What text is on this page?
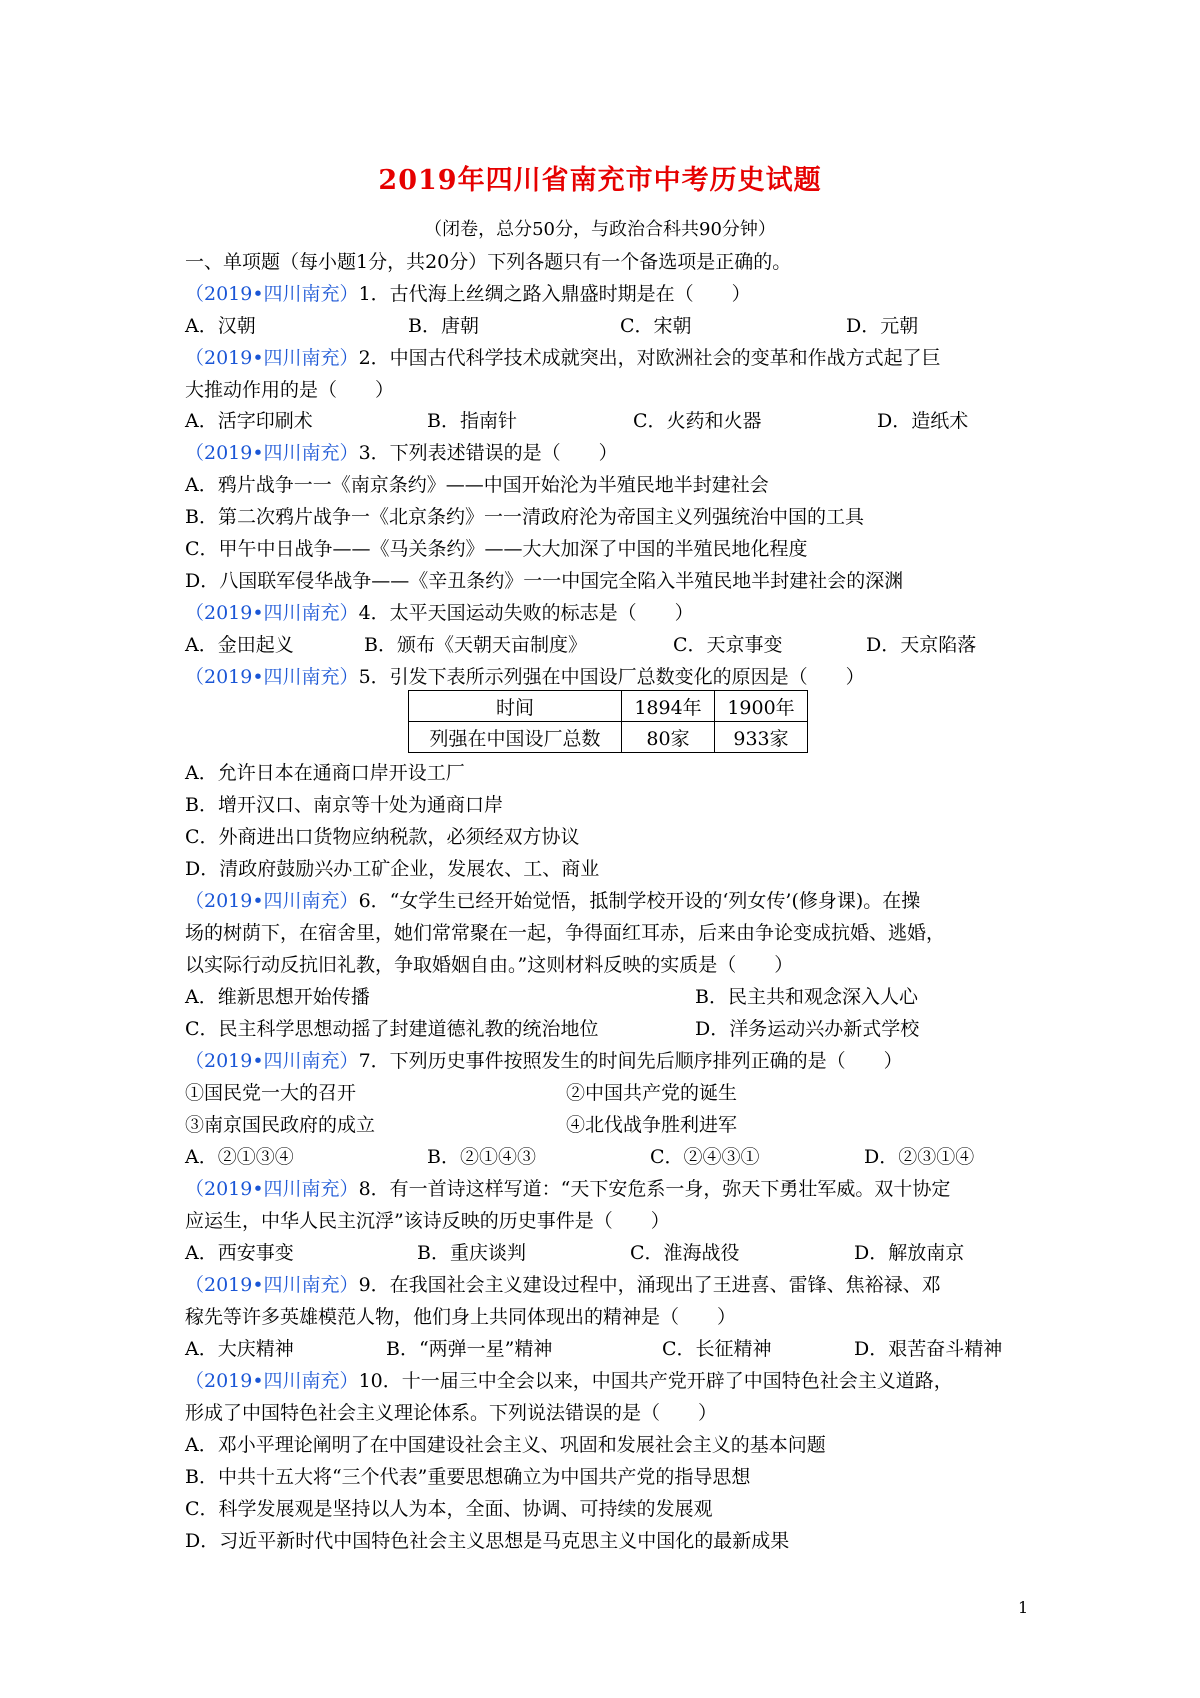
2019年四川省南充市中考历史试题
（闭卷，总分50分，与政治合科共90分钟）
一、单项题（每小题1分，共20分）下列各题只有一个备选项是正确的。
（2019•四川南充）1．古代海上丝绸之路入鼎盛时期是在（　　）
A．汉朝	B．唐朝	C．宋朝	D．元朝
（2019•四川南充）2．中国古代科学技术成就突出，对欧洲社会的变革和作战方式起了巨
大推动作用的是（　　）
A．活字印刷术	B．指南针	C．火药和火器	D．造纸术
（2019•四川南充）3．下列表述错误的是（　　）
A．鸦片战争一一《南京条约》——中国开始沦为半殖民地半封建社会
B．第二次鸦片战争一《北京条约》一一清政府沦为帝国主义列强统治中国的工具
C．甲午中日战争——《马关条约》——大大加深了中国的半殖民地化程度
D．八国联军侵华战争——《辛丑条约》一一中国完全陷入半殖民地半封建社会的深渊
（2019•四川南充）4．太平天国运动失败的标志是（　　）
A．金田起义	B．颁布《天朝天亩制度》	C．天京事变	D．天京陷落
（2019•四川南充）5．引发下表所示列强在中国设厂总数变化的原因是（　　）
时间	1894年	1900年
列强在中国设厂总数	80家	933家
A．允许日本在通商口岸开设工厂
B．增开汉口、南京等十处为通商口岸
C．外商进出口货物应纳税款，必须经双方协议
D．清政府鼓励兴办工矿企业，发展农、工、商业
（2019•四川南充）6．“女学生已经开始觉悟，抵制学校开设的‘列女传’(修身课)。在操
场的树荫下，在宿舍里，她们常常聚在一起，争得面红耳赤，后来由争论变成抗婚、逃婚，
以实际行动反抗旧礼教，争取婚姻自由。”这则材料反映的实质是（　　）
A．维新思想开始传播	B．民主共和观念深入人心
C．民主科学思想动摇了封建道德礼教的统治地位	D．洋务运动兴办新式学校
（2019•四川南充）7．下列历史事件按照发生的时间先后顺序排列正确的是（　　）
①国民党一大的召开	②中国共产党的诞生
③南京国民政府的成立	④北伐战争胜利进军
A．②①③④	B．②①④③	C．②④③①	D．②③①④
（2019•四川南充）8．有一首诗这样写道：“天下安危系一身，弥天下勇壮军威。双十协定
应运生，中华人民主沉浮”该诗反映的历史事件是（　　）
A．西安事变	B．重庆谈判	C．淮海战役	D．解放南京
（2019•四川南充）9．在我国社会主义建设过程中，涌现出了王进喜、雷锋、焦裕禄、邓
稼先等许多英雄模范人物，他们身上共同体现出的精神是（　　）
A．大庆精神	B．“两弹一星”精神	C．长征精神	D．艰苦奋斗精神
（2019•四川南充）10．十一届三中全会以来，中国共产党开辟了中国特色社会主义道路，
形成了中国特色社会主义理论体系。下列说法错误的是（　　）
A．邓小平理论阐明了在中国建设社会主义、巩固和发展社会主义的基本问题
B．中共十五大将“三个代表”重要思想确立为中国共产党的指导思想
C．科学发展观是坚持以人为本，全面、协调、可持续的发展观
D．习近平新时代中国特色社会主义思想是马克思主义中国化的最新成果
1
